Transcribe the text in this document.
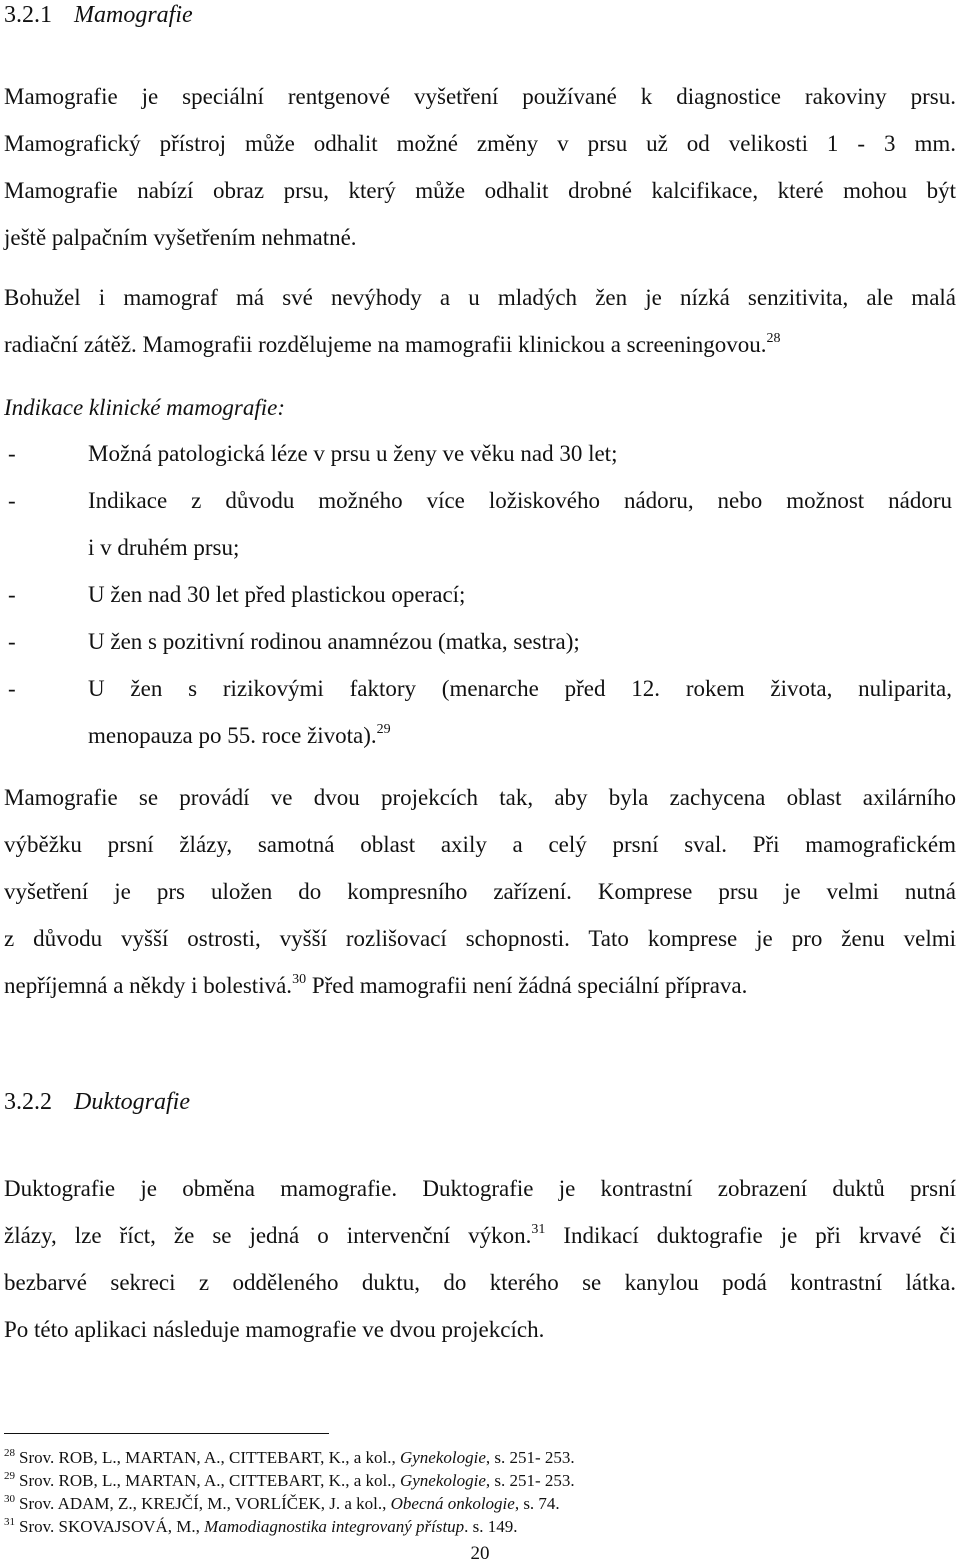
3.2.1 Mamografie

Mamografie je speciální rentgenové vyšetření používané k diagnostice rakoviny prsu.

Mamografický přístroj může odhalit možné změny v prsu už od velikosti 1 - 3 mm.

Mamografie nabízí obraz prsu, který může odhalit drobné kalcifikace, které mohou být

ještě palpačním vyšetřením nehmatné.

Bohužel i mamograf má své nevýhody a u mladých žen je nízká senzitivita, ale malá

radiační zátěž. Mamografii rozdělujeme na mamografii klinickou a screeningovou.$^{28}$

Indikace klinické mamografie:

-	Možná patologická léze v prsu u ženy ve věku nad 30 let;
-	Indikace z důvodu možného více ložiskového nádoru, nebo možnost nádoru
i v druhém prsu;
-	U žen nad 30 let před plastickou operací;
-	U žen s pozitivní rodinou anamnézou (matka, sestra);
-	U žen s rizikovými faktory (menarche před 12. rokem života, nuliparita,
menopauza po 55. roce života).$^{29}$

Mamografie se provádí ve dvou projekcích tak, aby byla zachycena oblast axilárního

výběžku prsní žlázy, samotná oblast axily a celý prsní sval. Při mamografickém

vyšetření je prs uložen do kompresního zařízení. Komprese prsu je velmi nutná

z důvodu vyšší ostrosti, vyšší rozlišovací schopnosti. Tato komprese je pro ženu velmi

nepříjemná a někdy i bolestivá.$^{30}$ Před mamografii není žádná speciální příprava.

3.2.2 Duktografie

Duktografie je obměna mamografie. Duktografie je kontrastní zobrazení duktů prsní

žlázy, lze říct, že se jedná o intervenční výkon.$^{31}$ Indikací duktografie je při krvavé či

bezbarvé sekreci z odděleného duktu, do kterého se kanylou podá kontrastní látka.

Po této aplikaci následuje mamografie ve dvou projekcích.

$^{28}$ Srov. ROB, L., MARTAN, A., CITTEBART, K., a kol., Gynekologie, s. 251- 253.
$^{29}$ Srov. ROB, L., MARTAN, A., CITTEBART, K., a kol., Gynekologie, s. 251- 253.
$^{30}$ Srov. ADAM, Z., KREJČÍ, M., VORLÍČEK, J. a kol., Obecná onkologie, s. 74.
$^{31}$ Srov. SKOVAJSOVÁ, M., Mamodiagnostika integrovaný přístup. s. 149.
20
